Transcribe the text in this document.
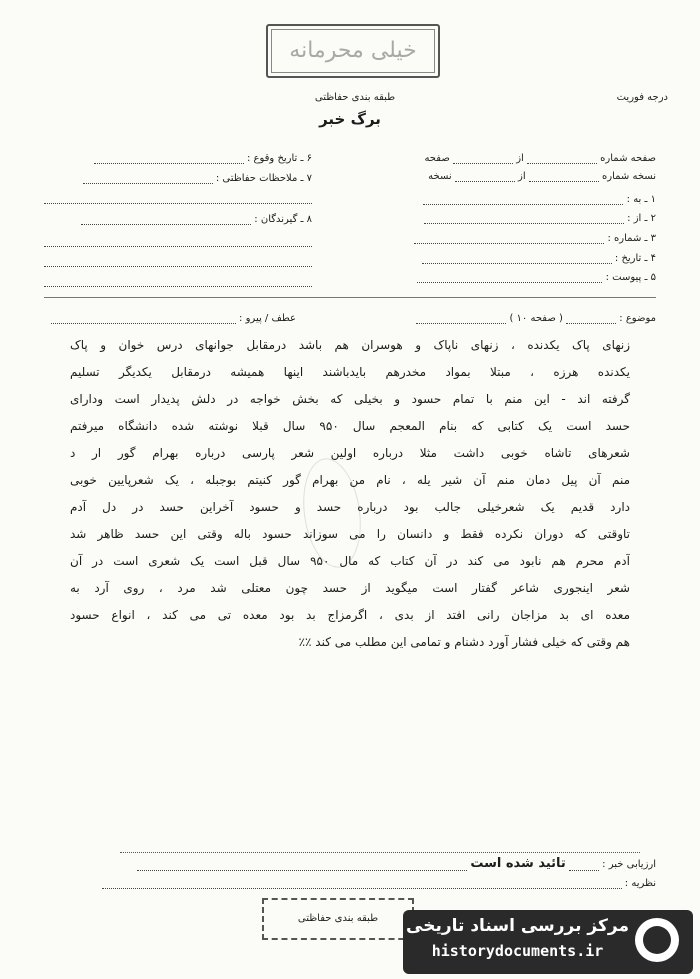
خیلی محرمانه
طبقه بندی حفاظتی	درجه فوریت
برگ خبر
صفحه شماره  از  صفحه
نسخه شماره  از  نسخه
۱ ـ به :
۲ ـ از :
۳ ـ شماره :
۴ ـ تاریخ :
۵ ـ پیوست :
۶ ـ تاریخ وقوع :
۷ ـ ملاحظات حفاظتی :
۸ ـ گیرندگان :
موضوع :  ( صفحه ۱۰ )
عطف / پیرو :
زنهای پاک یکدنده ، زنهای ناپاک و هوسران هم باشد درمقابل جوانهای درس خوان و پاک
یکدنده هرزه ، مبتلا بمواد مخدرهم بایدباشند اینها همیشه درمقابل یکدیگر تسلیم
گرفته اند - این منم با تمام حسود و بخیلی که بخش خواجه در دلش پدیدار است ودارای
حسد است یک کتابی که بنام المعجم سال ۹۵۰ سال قبلا نوشته شده دانشگاه میرفتم
شعرهای تاشاه خوبی داشت مثلا درباره اولین شعر پارسی درباره بهرام گور ار د
منم آن پیل دمان منم آن شیر یله ، نام من بهرام گور کنیتم بوجبله ، یک شعرپایین خوبی
دارد قدیم یک شعرخیلی جالب بود درباره حسد و حسود آخراین حسد در دل آدم
تاوقتی که دوران نکرده فقط و دانسان را می سوزاند حسود باله وقتی این حسد ظاهر شد
آدم محرم هم نابود می کند در آن کتاب که مال ۹۵۰ سال قبل است یک شعری است در آن
شعر اینجوری شاعر گفتار است میگوید از حسد چون معتلی شد مرد ، روی آرد به
معده ای بد مزاجان رانی افتد از بدی ، اگرمزاج بد بود معده تی می کند ، انواع حسود
هم وقتی که خیلی فشار آورد دشنام و تمامی این مطلب می کند ٪٪
ارزیابی خبر :  تائید شده است
نظریه :
طبقه بندی حفاظتی	مرکز بررسی اسناد تاریخی
historydocuments.ir
